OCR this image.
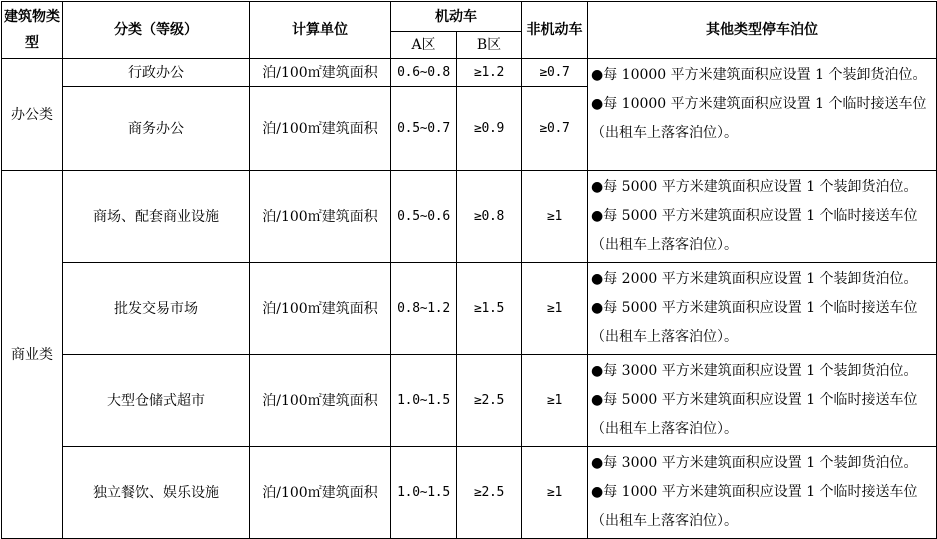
建筑物类型	分类（等级）	计算单位	机动车		非机动车	其他类型停车泊位
			A区	B区		
办公类	行政办公	泊/100㎡建筑面积	0.6~0.8	≥1.2	≥0.7	●每 10000 平方米建筑面积应设置 1 个装卸货泊位。
●每 10000 平方米建筑面积应设置 1 个临时接送车位（出租车上落客泊位）。

	商务办公	泊/100㎡建筑面积	0.5~0.7	≥0.9	≥0.7	
商业类	商场、配套商业设施	泊/100㎡建筑面积	0.5~0.6	≥0.8	≥1	●每 5000 平方米建筑面积应设置 1 个装卸货泊位。
●每 5000 平方米建筑面积应设置 1 个临时接送车位（出租车上落客泊位）。

	批发交易市场	泊/100㎡建筑面积	0.8~1.2	≥1.5	≥1	●每 2000 平方米建筑面积应设置 1 个装卸货泊位。
●每 5000 平方米建筑面积应设置 1 个临时接送车位（出租车上落客泊位）。

	大型仓储式超市	泊/100㎡建筑面积	1.0~1.5	≥2.5	≥1	●每 3000 平方米建筑面积应设置 1 个装卸货泊位。
●每 5000 平方米建筑面积应设置 1 个临时接送车位（出租车上落客泊位）。

	独立餐饮、娱乐设施	泊/100㎡建筑面积	1.0~1.5	≥2.5	≥1	●每 3000 平方米建筑面积应设置 1 个装卸货泊位。
●每 1000 平方米建筑面积应设置 1 个临时接送车位（出租车上落客泊位）。
